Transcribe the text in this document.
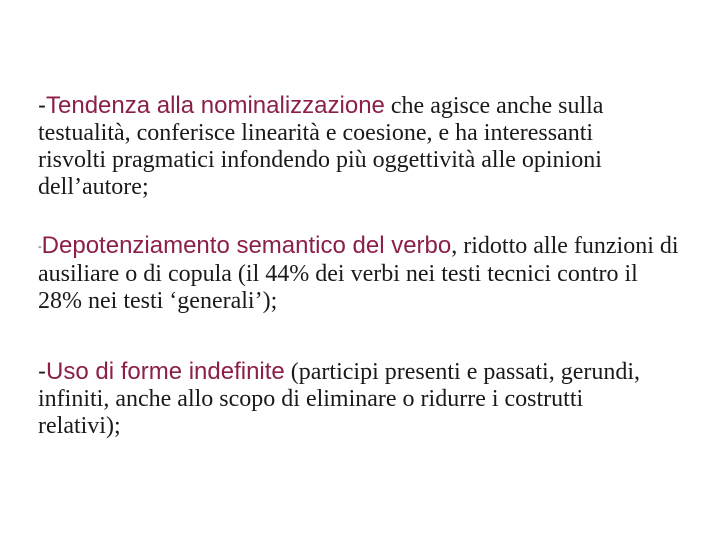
-Tendenza alla nominalizzazione che agisce anche sulla
testualità, conferisce linearità e coesione, e ha interessanti
risvolti pragmatici infondendo più oggettività alle opinioni
dell’autore;

-Depotenziamento semantico del verbo, ridotto alle funzioni di
ausiliare o di copula (il 44% dei verbi nei testi tecnici contro il
28% nei testi ‘generali’);

-Uso di forme indefinite (participi presenti e passati, gerundi,
infiniti, anche allo scopo di eliminare o ridurre i costrutti
relativi);
